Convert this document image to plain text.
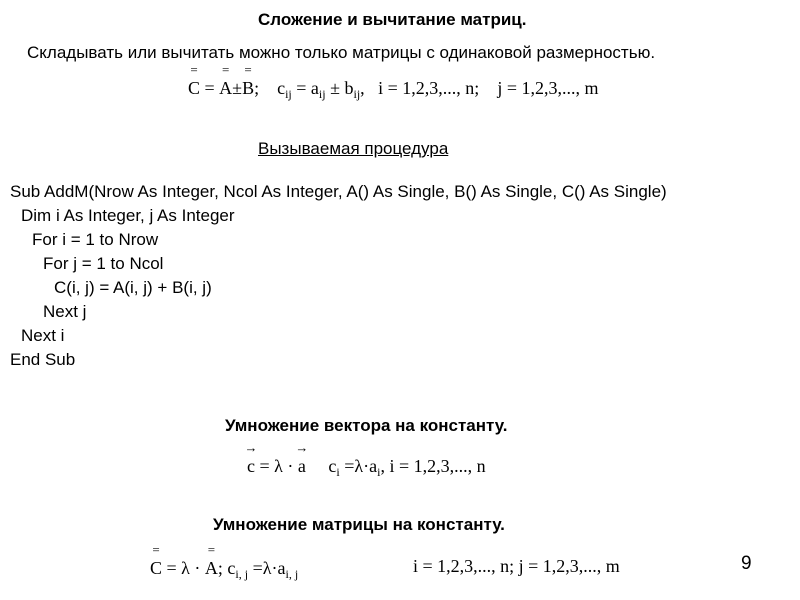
Сложение и вычитание матриц.
Складывать или вычитать можно только матрицы с одинаковой размерностью.
=
C =
=
A±
=
B; $c_{ij} = a_{ij} \pm b_{ij}$, i = 1,2,3,..., n; j = 1,2,3,..., m
Вызываемая процедура
Sub AddM(Nrow As Integer, Ncol As Integer, A() As Single, B() As Single, C() As Single)
Dim i As Integer, j As Integer
For i = 1 to Nrow
For j = 1 to Ncol
C(i, j) = A(i, j) + B(i, j)
Next j
Next i
End Sub
Умножение вектора на константу.
→
c = λ ·
→
a $c_i =\lambda\cdot a_i$, i = 1,2,3,..., n
Умножение матрицы на константу.
=
C = λ ·
=
A; $c_{i, j} =\lambda\cdot a_{i, j}$	i = 1,2,3,..., n; j = 1,2,3,..., m	9
